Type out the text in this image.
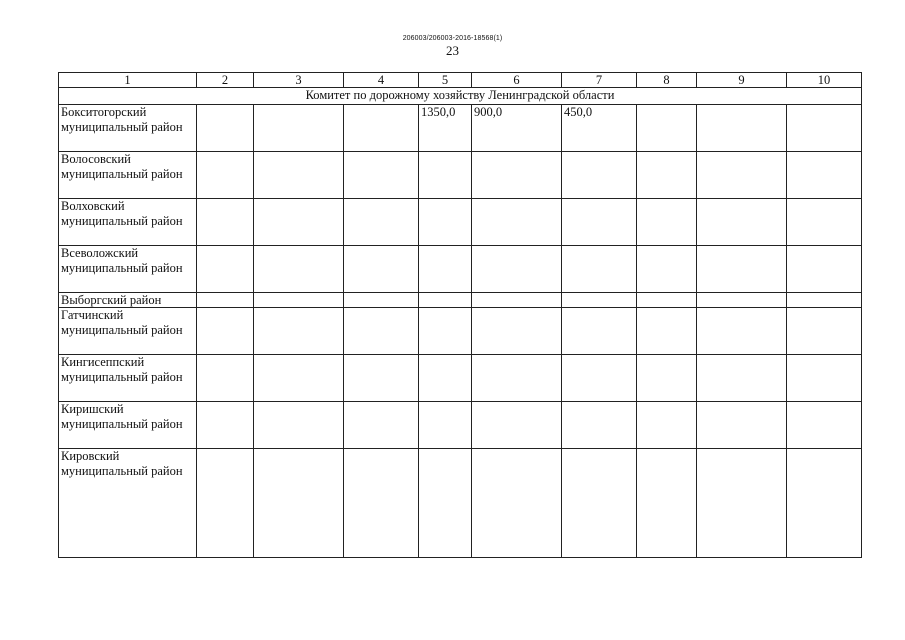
206003/206003-2016-18568(1)
23
1	2	3	4	5	6	7	8	9	10
Комитет по дорожному хозяйству Ленинградской области									
Бокситогорский муниципальный район				1350,0	900,0	450,0			
Волосовский муниципальный район									
Волховский муниципальный район									
Всеволожский муниципальный район									
Выборгский район									
Гатчинский муниципальный район									
Кингисеппский муниципальный район									
Киришский муниципальный район									
Кировский муниципальный район									
